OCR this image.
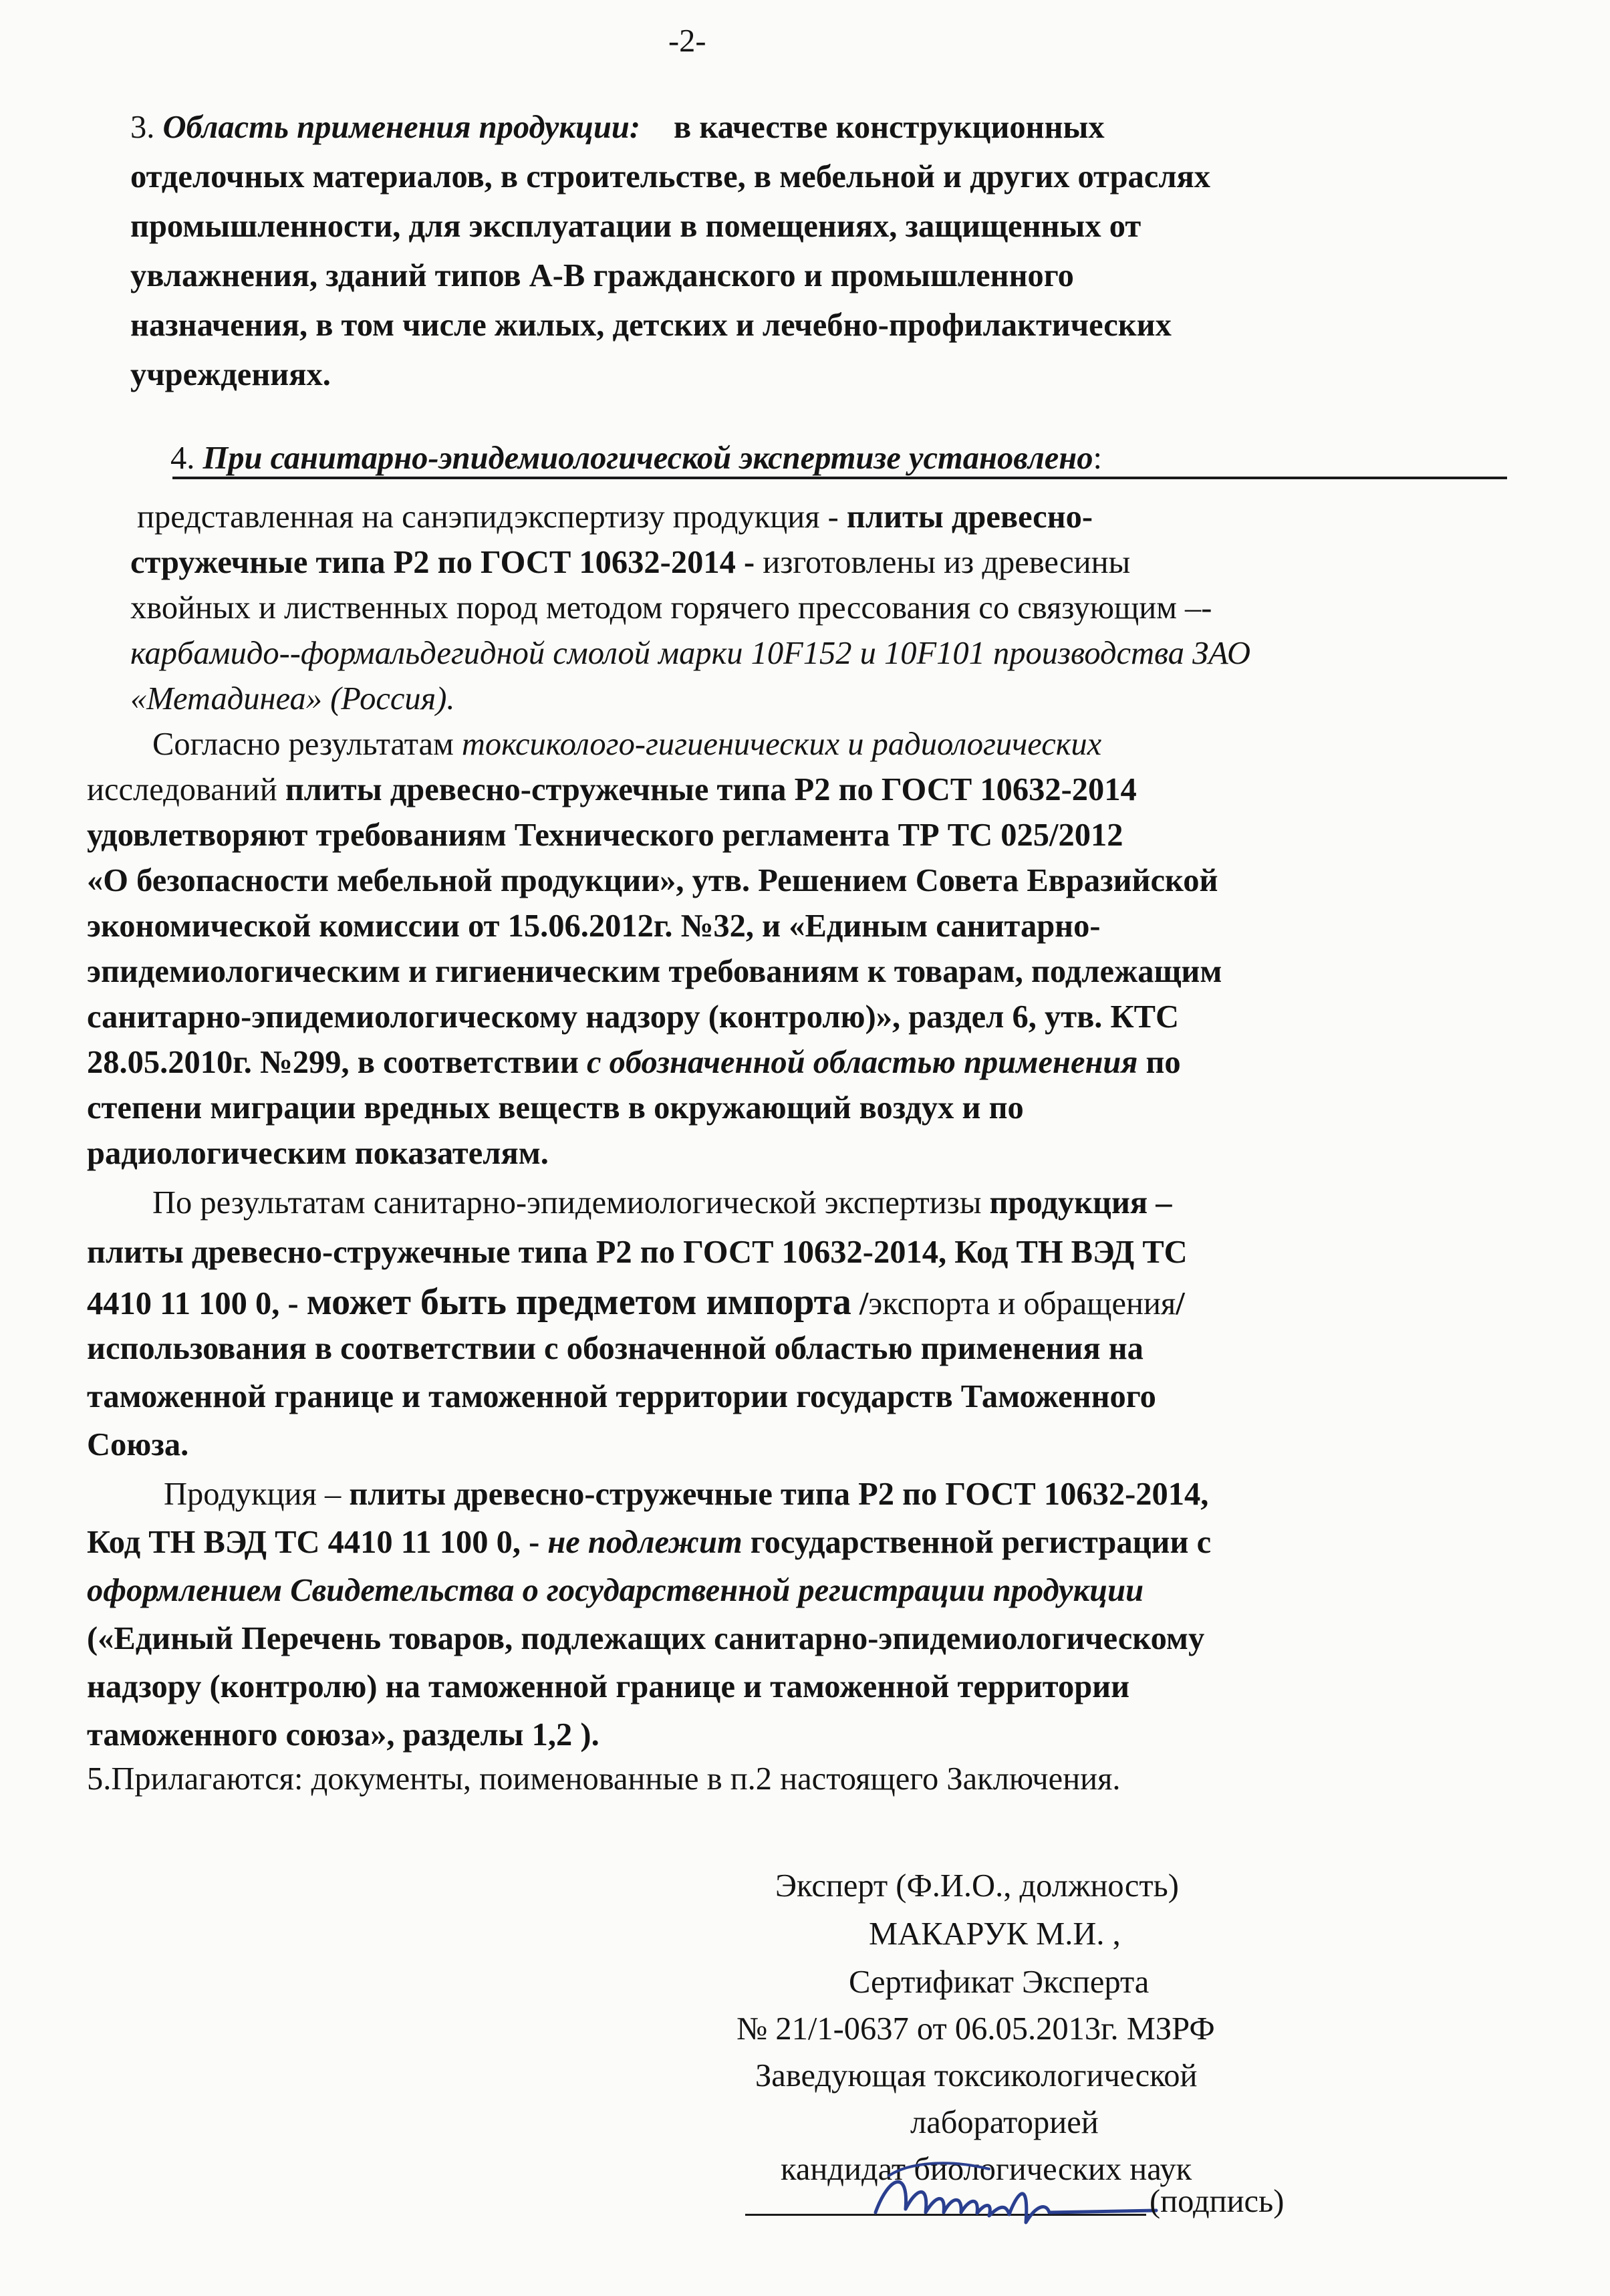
-2-
3. Область применения продукции: в качестве конструкционных
отделочных материалов, в строительстве, в мебельной и других отраслях
промышленности, для эксплуатации в помещениях, защищенных от
увлажнения, зданий типов А-В гражданского и промышленного
назначения, в том числе жилых, детских и лечебно-профилактических
учреждениях.
4. При санитарно-эпидемиологической экспертизе установлено:
представленная на санэпидэкспертизу продукция - плиты древесно-
стружечные типа Р2 по ГОСТ 10632-2014 - изготовлены из древесины
хвойных и лиственных пород методом горячего прессования со связующим –-
карбамидо--формальдегидной смолой марки 10F152 и 10F101 производства ЗАО
«Метадинеа» (Россия).
Согласно результатам токсиколого-гигиенических и радиологических
исследований плиты древесно-стружечные типа Р2 по ГОСТ 10632-2014
удовлетворяют требованиям Технического регламента ТР ТС 025/2012
«О безопасности мебельной продукции», утв. Решением Совета Евразийской
экономической комиссии от 15.06.2012г. №32, и «Единым санитарно-
эпидемиологическим и гигиеническим требованиям к товарам, подлежащим
санитарно-эпидемиологическому надзору (контролю)», раздел 6, утв. КТС
28.05.2010г. №299, в соответствии с обозначенной областью применения по
степени миграции вредных веществ в окружающий воздух и по
радиологическим показателям.
По результатам санитарно-эпидемиологической экспертизы продукция –
плиты древесно-стружечные типа Р2 по ГОСТ 10632-2014, Код ТН ВЭД ТС
4410 11 100 0, - может быть предметом импорта /экспорта и обращения/
использования в соответствии с обозначенной областью применения на
таможенной границе и таможенной территории государств Таможенного
Союза.
Продукция – плиты древесно-стружечные типа Р2 по ГОСТ 10632-2014,
Код ТН ВЭД ТС 4410 11 100 0, - не подлежит государственной регистрации с
оформлением Свидетельства о государственной регистрации продукции
(«Единый Перечень товаров, подлежащих санитарно-эпидемиологическому
надзору (контролю) на таможенной границе и таможенной территории
таможенного союза», разделы 1,2 ).
5.Прилагаются: документы, поименованные в п.2 настоящего Заключения.
Эксперт (Ф.И.О., должность)
МАКАРУК М.И. ,
Сертификат Эксперта
№ 21/1-0637 от 06.05.2013г. МЗРФ
Заведующая токсикологической
лабораторией
кандидат биологических наук
(подпись)
